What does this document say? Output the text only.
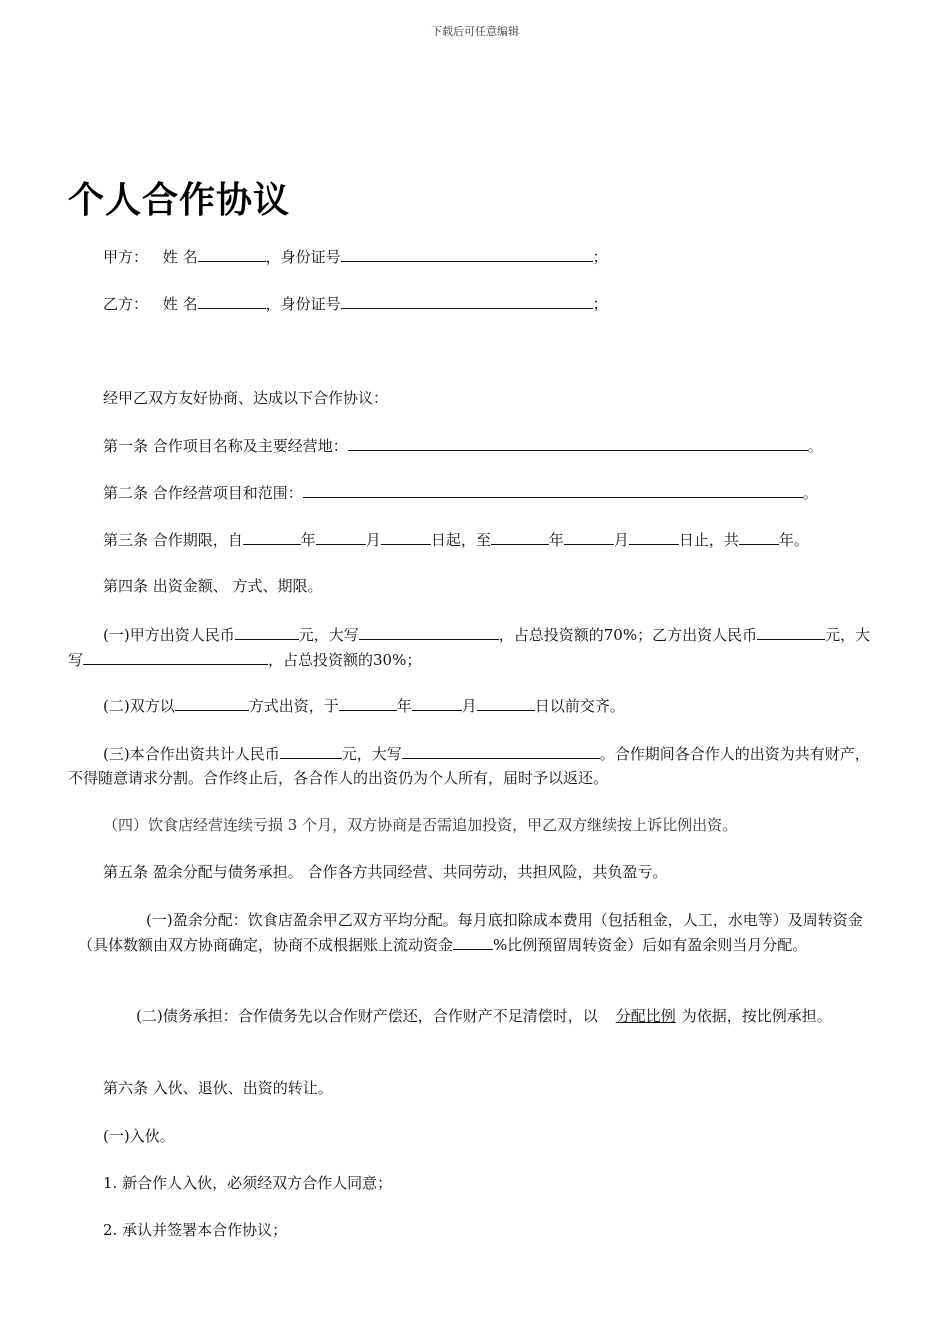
下载后可任意编辑
个人合作协议
甲方： 姓 名	，身份证号	；
乙方： 姓 名	，身份证号	；
经甲乙双方友好协商、达成以下合作协议：
第一条 合作项目名称及主要经营地：	。
第二条 合作经营项目和范围：	。
第三条 合作期限，自	年	月	日起，至	年	月	日止，共	年。
第四条 出资金额、 方式、期限。
(一)甲方出资人民币	元，大写	，占总投资额的70%；乙方出资人民币	元，大写	，占总投资额的30%；
(二)双方以	方式出资，于	年	月	日以前交齐。
(三)本合作出资共计人民币	元，大写	。合作期间各合作人的出资为共有财产，不得随意请求分割。合作终止后，各合作人的出资仍为个人所有，届时予以返还。
（四）饮食店经营连续亏损 3 个月，双方协商是否需追加投资，甲乙双方继续按上诉比例出资。
第五条 盈余分配与债务承担。 合作各方共同经营、共同劳动，共担风险，共负盈亏。
(一)盈余分配：饮食店盈余甲乙双方平均分配。每月底扣除成本费用（包括租金，人工，水电等）及周转资金（具体数额由双方协商确定，协商不成根据账上流动资金	%比例预留周转资金）后如有盈余则当月分配。
(二)债务承担：合作债务先以合作财产偿还，合作财产不足清偿时，以 分配比例 为依据，按比例承担。
第六条 入伙、退伙、出资的转让。
(一)入伙。
1. 新合作人入伙，必须经双方合作人同意；
2. 承认并签署本合作协议；
